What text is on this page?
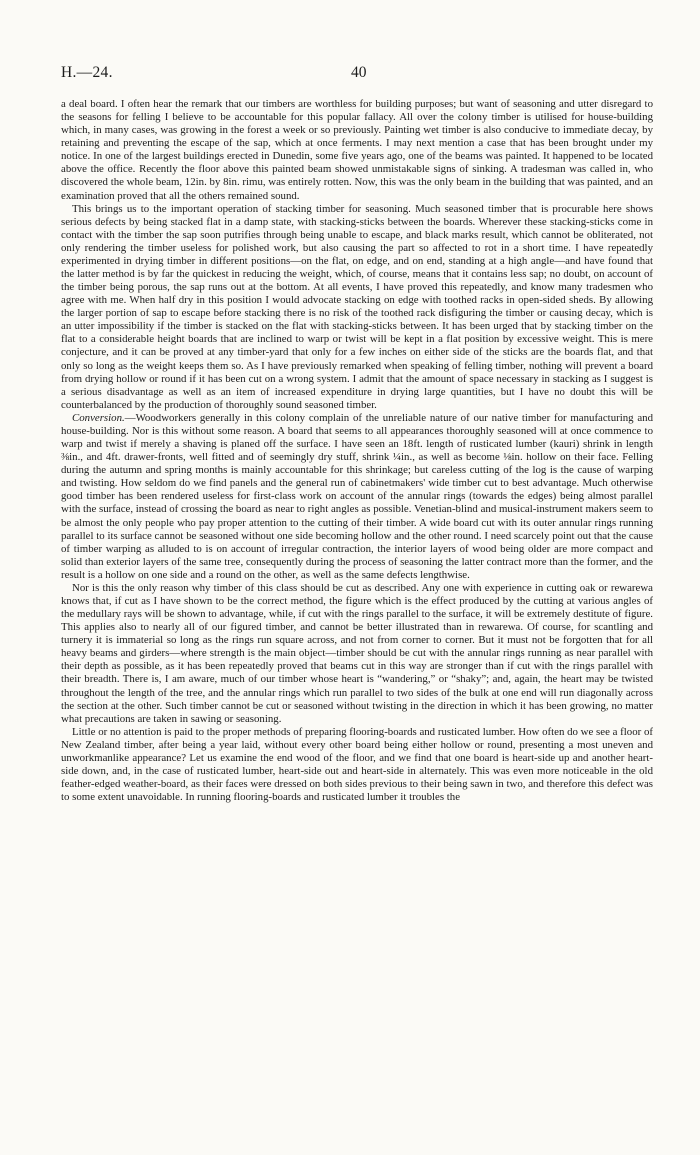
H.—24.	40

a deal board. I often hear the remark that our timbers are worthless for building purposes; but want of seasoning and utter disregard to the seasons for felling I believe to be accountable for this popular fallacy. All over the colony timber is utilised for house-building which, in many cases, was growing in the forest a week or so previously. Painting wet timber is also conducive to immediate decay, by retaining and preventing the escape of the sap, which at once ferments. I may next mention a case that has been brought under my notice. In one of the largest buildings erected in Dunedin, some five years ago, one of the beams was painted. It happened to be located above the office. Recently the floor above this painted beam showed unmistakable signs of sinking. A tradesman was called in, who discovered the whole beam, 12in. by 8in. rimu, was entirely rotten. Now, this was the only beam in the building that was painted, and an examination proved that all the others remained sound.

This brings us to the important operation of stacking timber for seasoning. Much seasoned timber that is procurable here shows serious defects by being stacked flat in a damp state, with stacking-sticks between the boards. Wherever these stacking-sticks come in contact with the timber the sap soon putrifies through being unable to escape, and black marks result, which cannot be obliterated, not only rendering the timber useless for polished work, but also causing the part so affected to rot in a short time. I have repeatedly experimented in drying timber in different positions—on the flat, on edge, and on end, standing at a high angle—and have found that the latter method is by far the quickest in reducing the weight, which, of course, means that it contains less sap; no doubt, on account of the timber being porous, the sap runs out at the bottom. At all events, I have proved this repeatedly, and know many tradesmen who agree with me. When half dry in this position I would advocate stacking on edge with toothed racks in open-sided sheds. By allowing the larger portion of sap to escape before stacking there is no risk of the toothed rack disfiguring the timber or causing decay, which is an utter impossibility if the timber is stacked on the flat with stacking-sticks between. It has been urged that by stacking timber on the flat to a considerable height boards that are inclined to warp or twist will be kept in a flat position by excessive weight. This is mere conjecture, and it can be proved at any timber-yard that only for a few inches on either side of the sticks are the boards flat, and that only so long as the weight keeps them so. As I have previously remarked when speaking of felling timber, nothing will prevent a board from drying hollow or round if it has been cut on a wrong system. I admit that the amount of space necessary in stacking as I suggest is a serious disadvantage as well as an item of increased expenditure in drying large quantities, but I have no doubt this will be counterbalanced by the production of thoroughly sound seasoned timber.

Conversion.—Woodworkers generally in this colony complain of the unreliable nature of our native timber for manufacturing and house-building. Nor is this without some reason. A board that seems to all appearances thoroughly seasoned will at once commence to warp and twist if merely a shaving is planed off the surface. I have seen an 18ft. length of rusticated lumber (kauri) shrink in length ⅜in., and 4ft. drawer-fronts, well fitted and of seemingly dry stuff, shrink ¼in., as well as become ⅛in. hollow on their face. Felling during the autumn and spring months is mainly accountable for this shrinkage; but careless cutting of the log is the cause of warping and twisting. How seldom do we find panels and the general run of cabinetmakers' wide timber cut to best advantage. Much otherwise good timber has been rendered useless for first-class work on account of the annular rings (towards the edges) being almost parallel with the surface, instead of crossing the board as near to right angles as possible. Venetian-blind and musical-instrument makers seem to be almost the only people who pay proper attention to the cutting of their timber. A wide board cut with its outer annular rings running parallel to its surface cannot be seasoned without one side becoming hollow and the other round. I need scarcely point out that the cause of timber warping as alluded to is on account of irregular contraction, the interior layers of wood being older are more compact and solid than exterior layers of the same tree, consequently during the process of seasoning the latter contract more than the former, and the result is a hollow on one side and a round on the other, as well as the same defects lengthwise.

Nor is this the only reason why timber of this class should be cut as described. Any one with experience in cutting oak or rewarewa knows that, if cut as I have shown to be the correct method, the figure which is the effect produced by the cutting at various angles of the medullary rays will be shown to advantage, while, if cut with the rings parallel to the surface, it will be extremely destitute of figure. This applies also to nearly all of our figured timber, and cannot be better illustrated than in rewarewa. Of course, for scantling and turnery it is immaterial so long as the rings run square across, and not from corner to corner. But it must not be forgotten that for all heavy beams and girders—where strength is the main object—timber should be cut with the annular rings running as near parallel with their depth as possible, as it has been repeatedly proved that beams cut in this way are stronger than if cut with the rings parallel with their breadth. There is, I am aware, much of our timber whose heart is “wandering,” or “shaky”; and, again, the heart may be twisted throughout the length of the tree, and the annular rings which run parallel to two sides of the bulk at one end will run diagonally across the section at the other. Such timber cannot be cut or seasoned without twisting in the direction in which it has been growing, no matter what precautions are taken in sawing or seasoning.

Little or no attention is paid to the proper methods of preparing flooring-boards and rusticated lumber. How often do we see a floor of New Zealand timber, after being a year laid, without every other board being either hollow or round, presenting a most uneven and unworkmanlike appearance? Let us examine the end wood of the floor, and we find that one board is heart-side up and another heart-side down, and, in the case of rusticated lumber, heart-side out and heart-side in alternately. This was even more noticeable in the old feather-edged weather-board, as their faces were dressed on both sides previous to their being sawn in two, and therefore this defect was to some extent unavoidable. In running flooring-boards and rusticated lumber it troubles the
